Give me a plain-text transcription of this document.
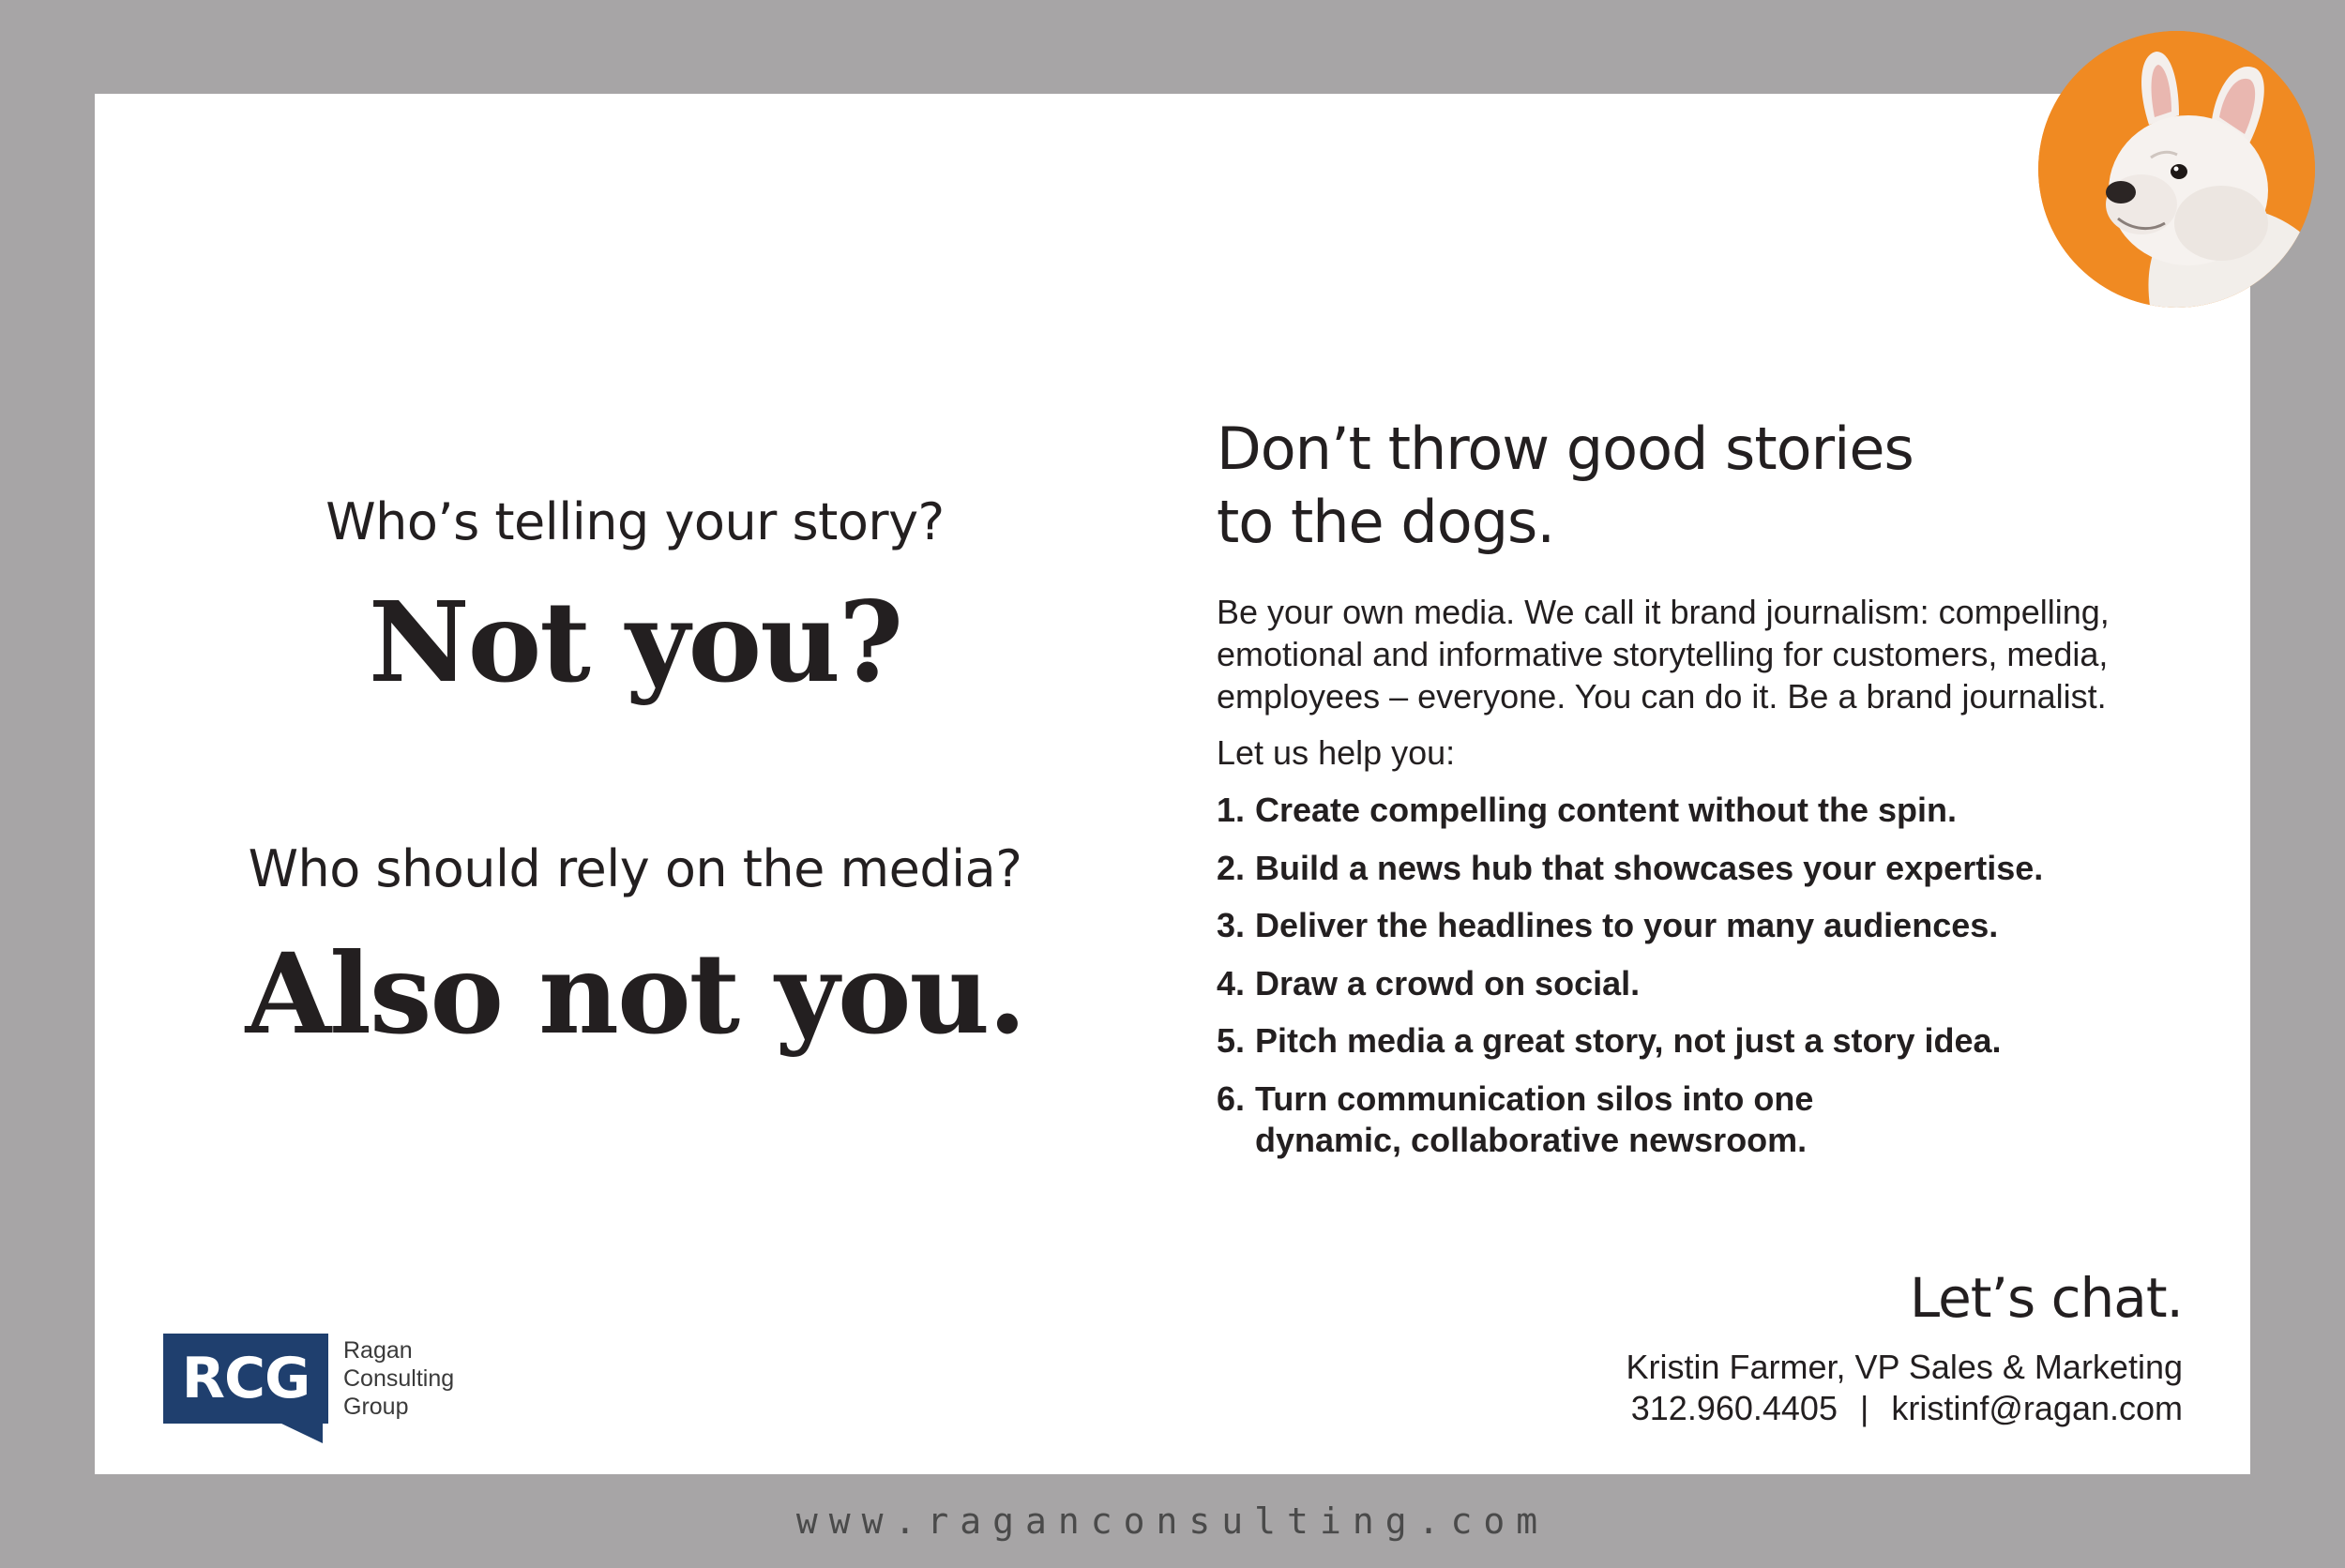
Who’s telling your story?
Not you?
Who should rely on the media?
Also not you.
Don’t throw good stories
to the dogs.
Be your own media. We call it brand journalism: compelling,
emotional and informative storytelling for customers, media,
employees – everyone. You can do it. Be a brand journalist.
Let us help you:
1. Create compelling content without the spin.
2. Build a news hub that showcases your expertise.
3. Deliver the headlines to your many audiences.
4. Draw a crowd on social.
5. Pitch media a great story, not just a story idea.
6. Turn communication silos into one dynamic, collaborative newsroom.
Let’s chat.
Kristin Farmer, VP Sales & Marketing
312.960.4405 | kristinf@ragan.com
RCG	Ragan
Consulting
Group
www.raganconsulting.com
